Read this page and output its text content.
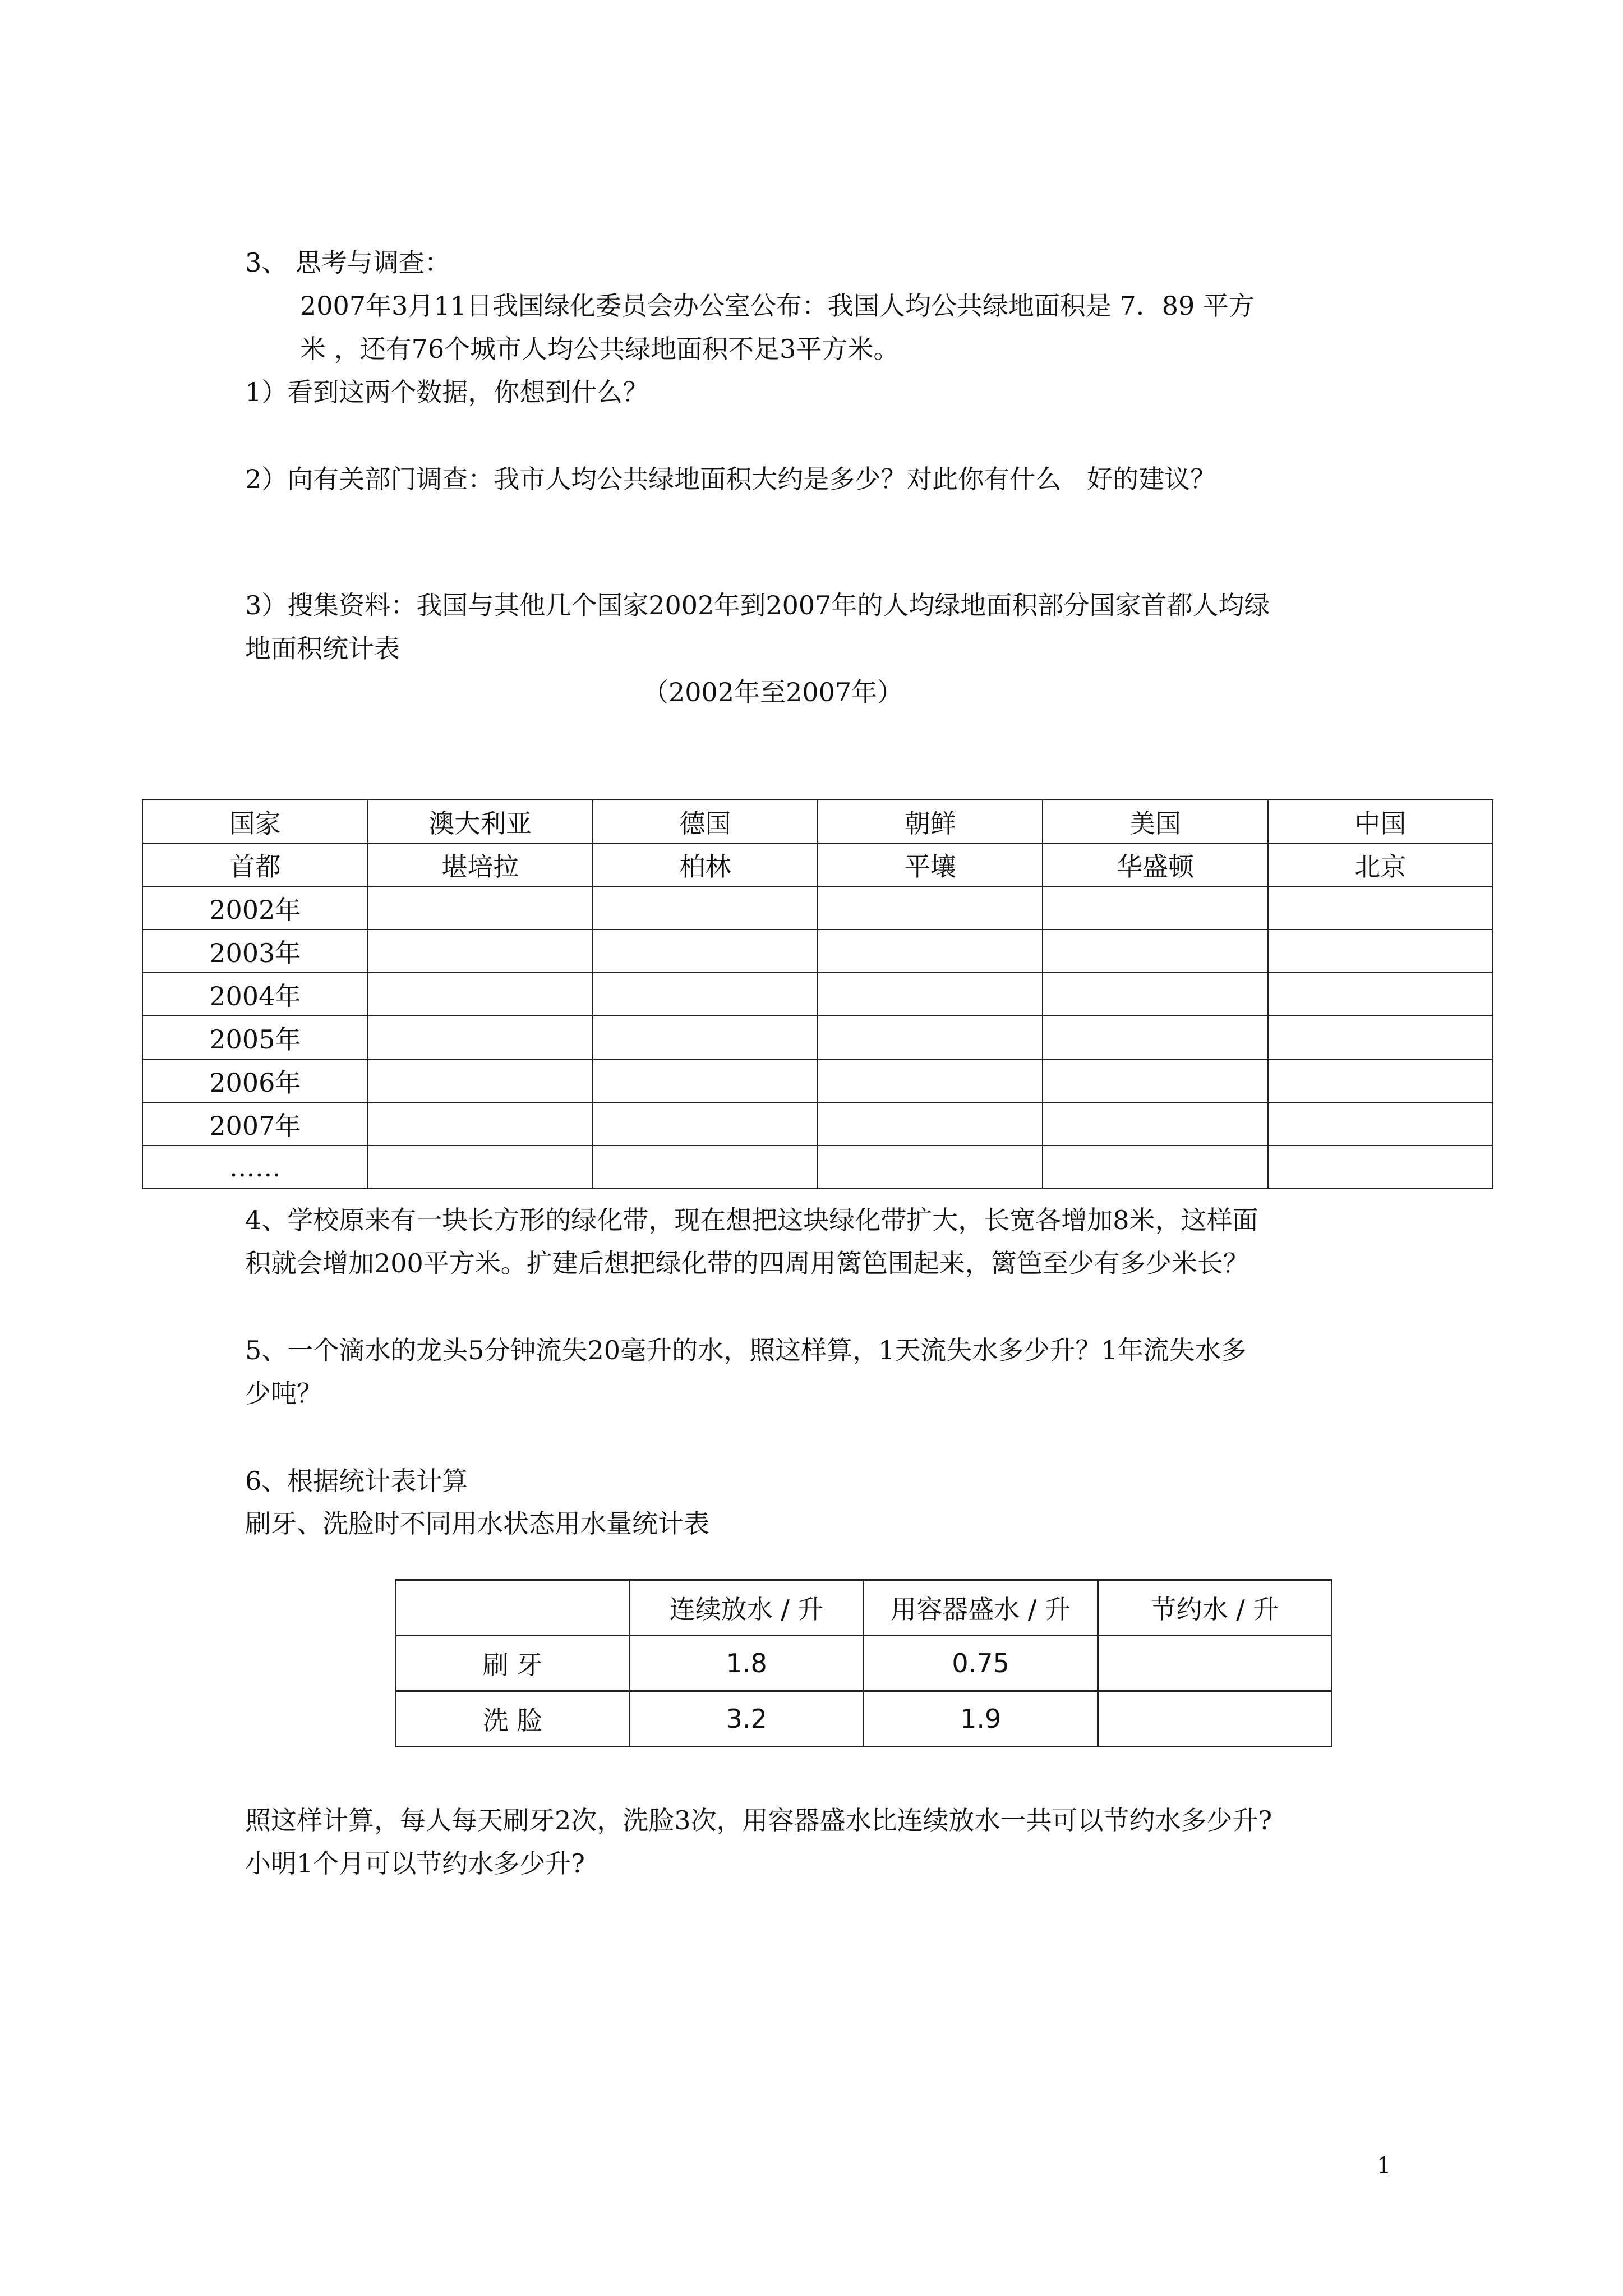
3、 思考与调查：
2007年3月11日我国绿化委员会办公室公布：我国人均公共绿地面积是 7．89 平方
米 ，还有76个城市人均公共绿地面积不足3平方米。
1）看到这两个数据，你想到什么？
2）向有关部门调查：我市人均公共绿地面积大约是多少？对此你有什么　好的建议？
3）搜集资料：我国与其他几个国家2002年到2007年的人均绿地面积部分国家首都人均绿
地面积统计表
（2002年至2007年）
国家	澳大利亚	德国	朝鲜	美国	中国
首都	堪培拉	柏林	平壤	华盛顿	北京
2002年					
2003年					
2004年					
2005年					
2006年					
2007年					
……					
4、学校原来有一块长方形的绿化带，现在想把这块绿化带扩大，长宽各增加8米，这样面
积就会增加200平方米。扩建后想把绿化带的四周用篱笆围起来，篱笆至少有多少米长？
5、一个滴水的龙头5分钟流失20毫升的水，照这样算，1天流失水多少升？1年流失水多
少吨？
6、根据统计表计算
刷牙、洗脸时不同用水状态用水量统计表
	连续放水 / 升	用容器盛水 / 升	节约水 / 升
刷 牙	1.8	0.75	
洗 脸	3.2	1.9	
照这样计算，每人每天刷牙2次，洗脸3次，用容器盛水比连续放水一共可以节约水多少升?
小明1个月可以节约水多少升?
1
